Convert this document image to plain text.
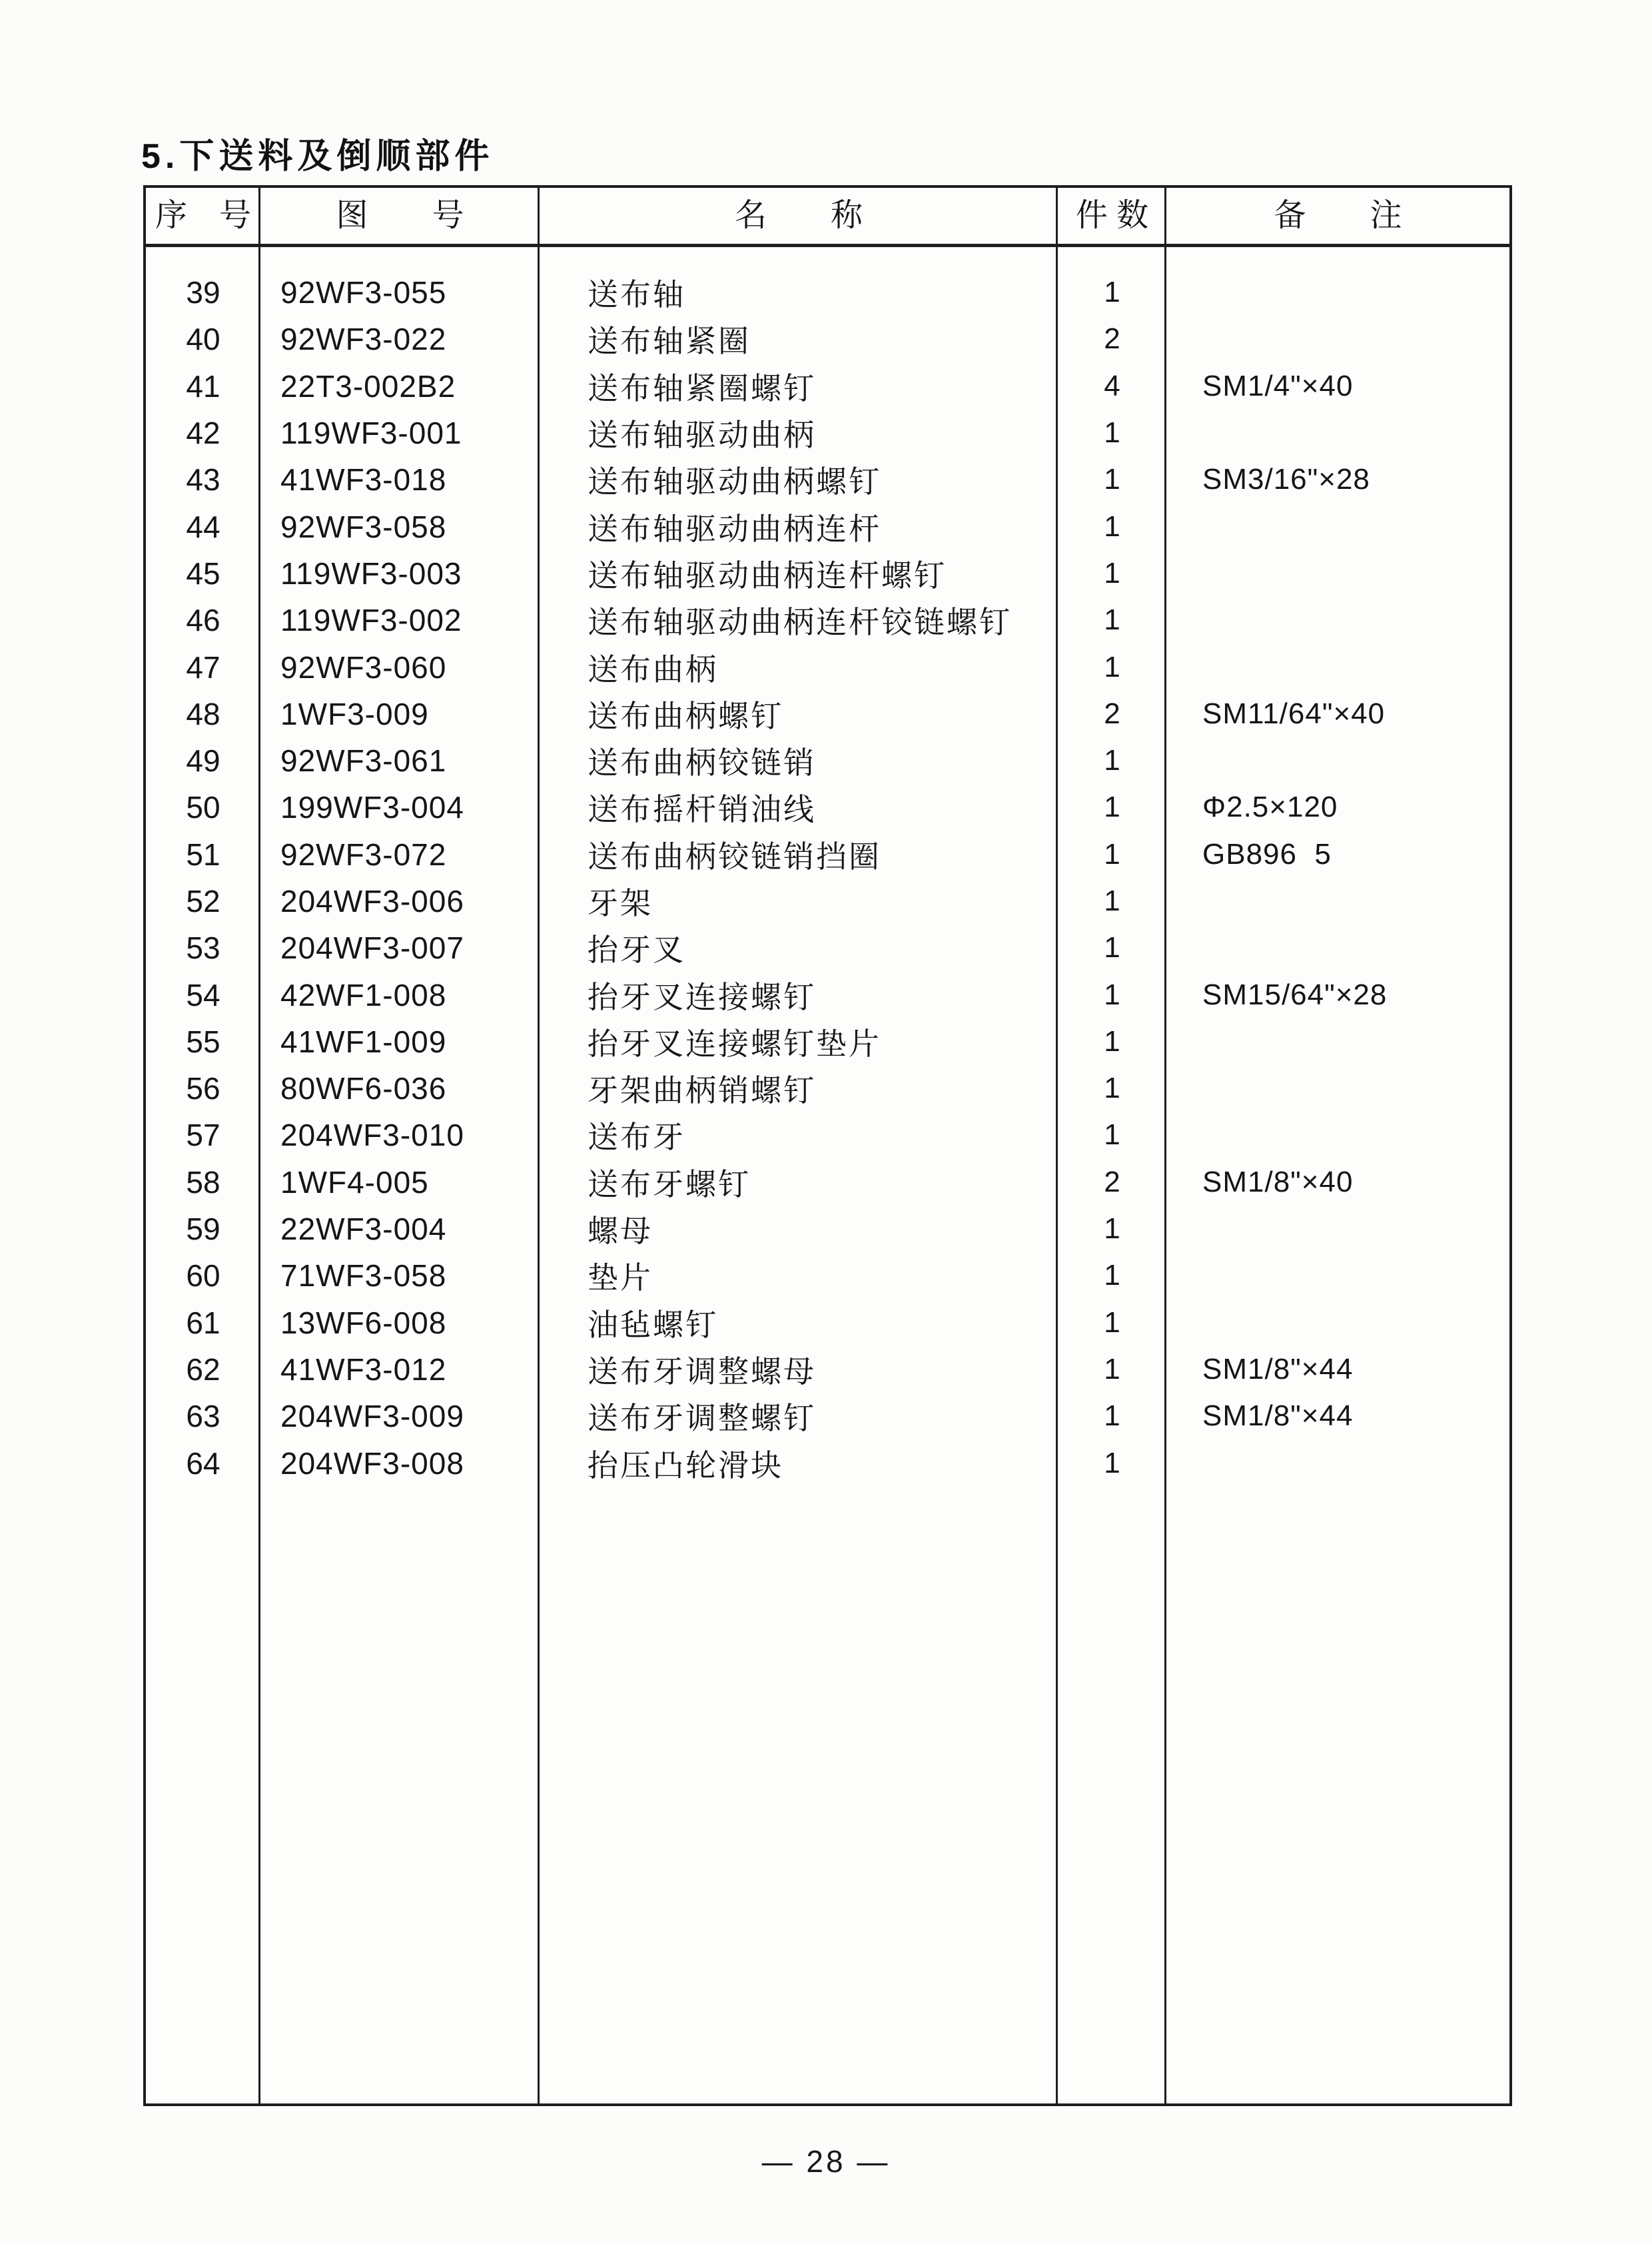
5.下送料及倒顺部件
序　号	图　　号	名　　称	件 数	备　　注
39	92WF3-055	送布轴	1
40	92WF3-022	送布轴紧圈	2
41	22T3-002B2	送布轴紧圈螺钉	4	SM1/4"×40
42	119WF3-001	送布轴驱动曲柄	1
43	41WF3-018	送布轴驱动曲柄螺钉	1	SM3/16"×28
44	92WF3-058	送布轴驱动曲柄连杆	1
45	119WF3-003	送布轴驱动曲柄连杆螺钉	1
46	119WF3-002	送布轴驱动曲柄连杆铰链螺钉	1
47	92WF3-060	送布曲柄	1
48	1WF3-009	送布曲柄螺钉	2	SM11/64"×40
49	92WF3-061	送布曲柄铰链销	1
50	199WF3-004	送布摇杆销油线	1	Φ2.5×120
51	92WF3-072	送布曲柄铰链销挡圈	1	GB896  5
52	204WF3-006	牙架	1
53	204WF3-007	抬牙叉	1
54	42WF1-008	抬牙叉连接螺钉	1	SM15/64"×28
55	41WF1-009	抬牙叉连接螺钉垫片	1
56	80WF6-036	牙架曲柄销螺钉	1
57	204WF3-010	送布牙	1
58	1WF4-005	送布牙螺钉	2	SM1/8"×40
59	22WF3-004	螺母	1
60	71WF3-058	垫片	1
61	13WF6-008	油毡螺钉	1
62	41WF3-012	送布牙调整螺母	1	SM1/8"×44
63	204WF3-009	送布牙调整螺钉	1	SM1/8"×44
64	204WF3-008	抬压凸轮滑块	1
— 28 —
